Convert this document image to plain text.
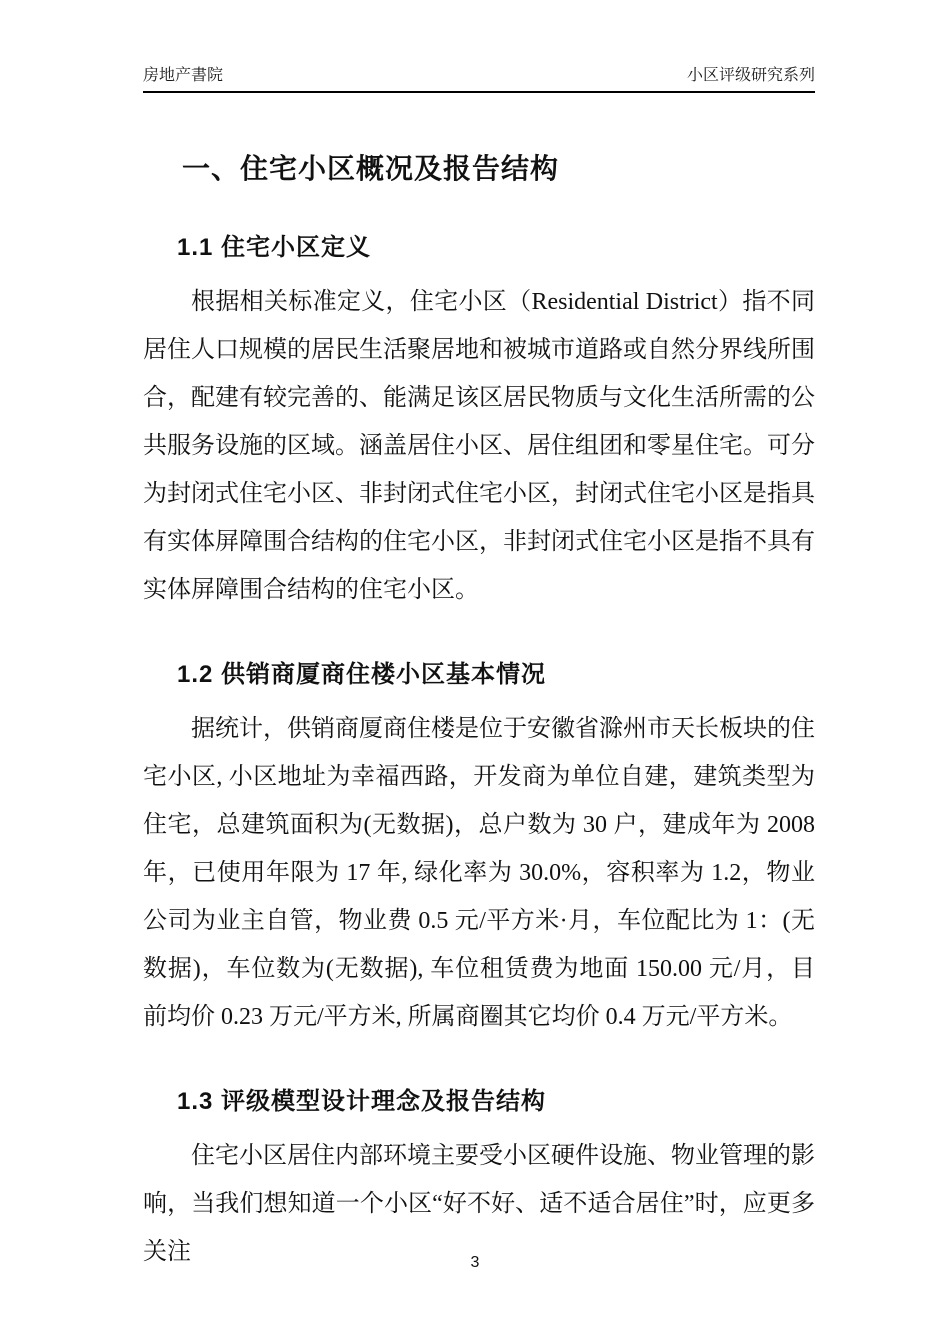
房地产書院	小区评级研究系列
一、住宅小区概况及报告结构
1.1 住宅小区定义

根据相关标准定义，住宅小区（Residential District）指不同居住人口规模的居民生活聚居地和被城市道路或自然分界线所围合，配建有较完善的、能满足该区居民物质与文化生活所需的公共服务设施的区域。涵盖居住小区、居住组团和零星住宅。可分为封闭式住宅小区、非封闭式住宅小区，封闭式住宅小区是指具有实体屏障围合结构的住宅小区，非封闭式住宅小区是指不具有实体屏障围合结构的住宅小区。

1.2 供销商厦商住楼小区基本情况

据统计，供销商厦商住楼是位于安徽省滁州市天长板块的住宅小区, 小区地址为幸福西路，开发商为单位自建，建筑类型为住宅，总建筑面积为(无数据)，总户数为 30 户，建成年为 2008 年，已使用年限为 17 年, 绿化率为 30.0%，容积率为 1.2，物业公司为业主自管，物业费 0.5 元/平方米·月，车位配比为 1：(无数据)，车位数为(无数据), 车位租赁费为地面 150.00 元/月，目前均价 0.23 万元/平方米, 所属商圈其它均价 0.4 万元/平方米。

1.3 评级模型设计理念及报告结构

住宅小区居住内部环境主要受小区硬件设施、物业管理的影响，当我们想知道一个小区“好不好、适不适合居住”时，应更多关注	3
